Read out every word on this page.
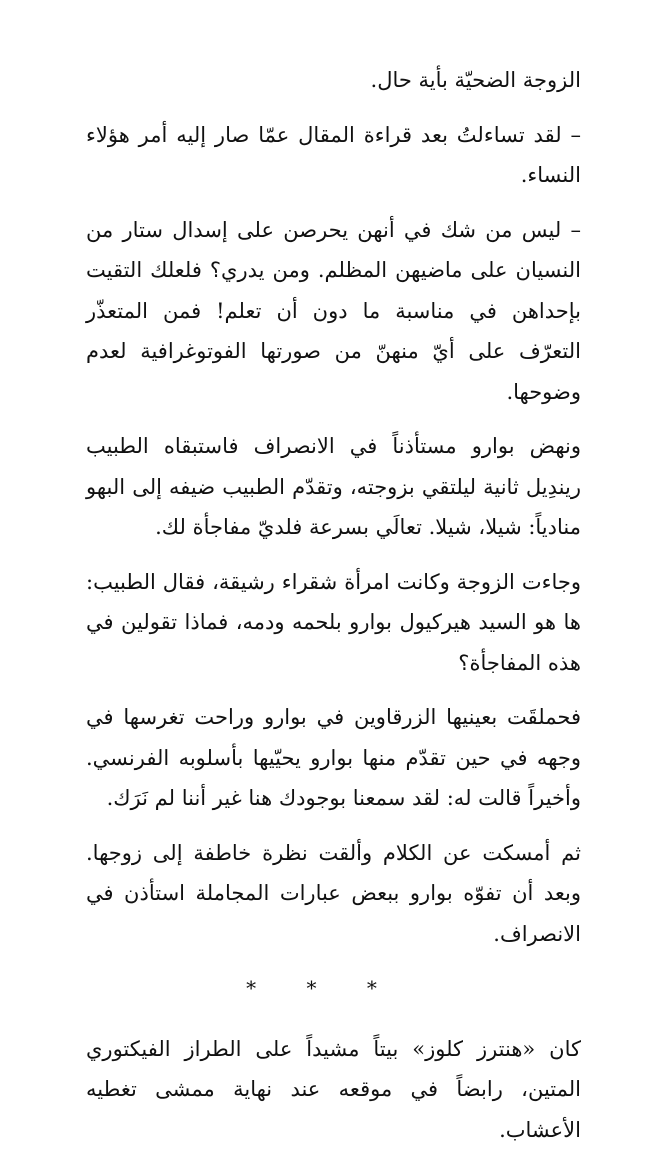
الزوجة الضحيّة بأية حال.

– لقد تساءلتُ بعد قراءة المقال عمّا صار إليه أمر هؤلاء النساء.

– ليس من شك في أنهن يحرصن على إسدال ستار من النسيان على ماضيهن المظلم. ومن يدري؟ فلعلك التقيت بإحداهن في مناسبة ما دون أن تعلم! فمن المتعذّر التعرّف على أيّ منهنّ من صورتها الفوتوغرافية لعدم وضوحها.

ونهض بوارو مستأذناً في الانصراف فاستبقاه الطبيب ريندِيل ثانية ليلتقي بزوجته، وتقدّم الطبيب ضيفه إلى البهو منادياً: شيلا، شيلا. تعالَي بسرعة فلديّ مفاجأة لك.

وجاءت الزوجة وكانت امرأة شقراء رشيقة، فقال الطبيب: ها هو السيد هيركيول بوارو بلحمه ودمه، فماذا تقولين في هذه المفاجأة؟

فحملقَت بعينيها الزرقاوين في بوارو وراحت تغرسها في وجهه في حين تقدّم منها بوارو يحيّيها بأسلوبه الفرنسي. وأخيراً قالت له: لقد سمعنا بوجودك هنا غير أننا لم نَرَك.

ثم أمسكت عن الكلام وألقت نظرة خاطفة إلى زوجها. وبعد أن تفوّه بوارو ببعض عبارات المجاملة استأذن في الانصراف.

* * *

كان «هنترز كلوز» بيتاً مشيداً على الطراز الفيكتوري المتين، رابضاً في موقعه عند نهاية ممشى تغطيه الأعشاب.
